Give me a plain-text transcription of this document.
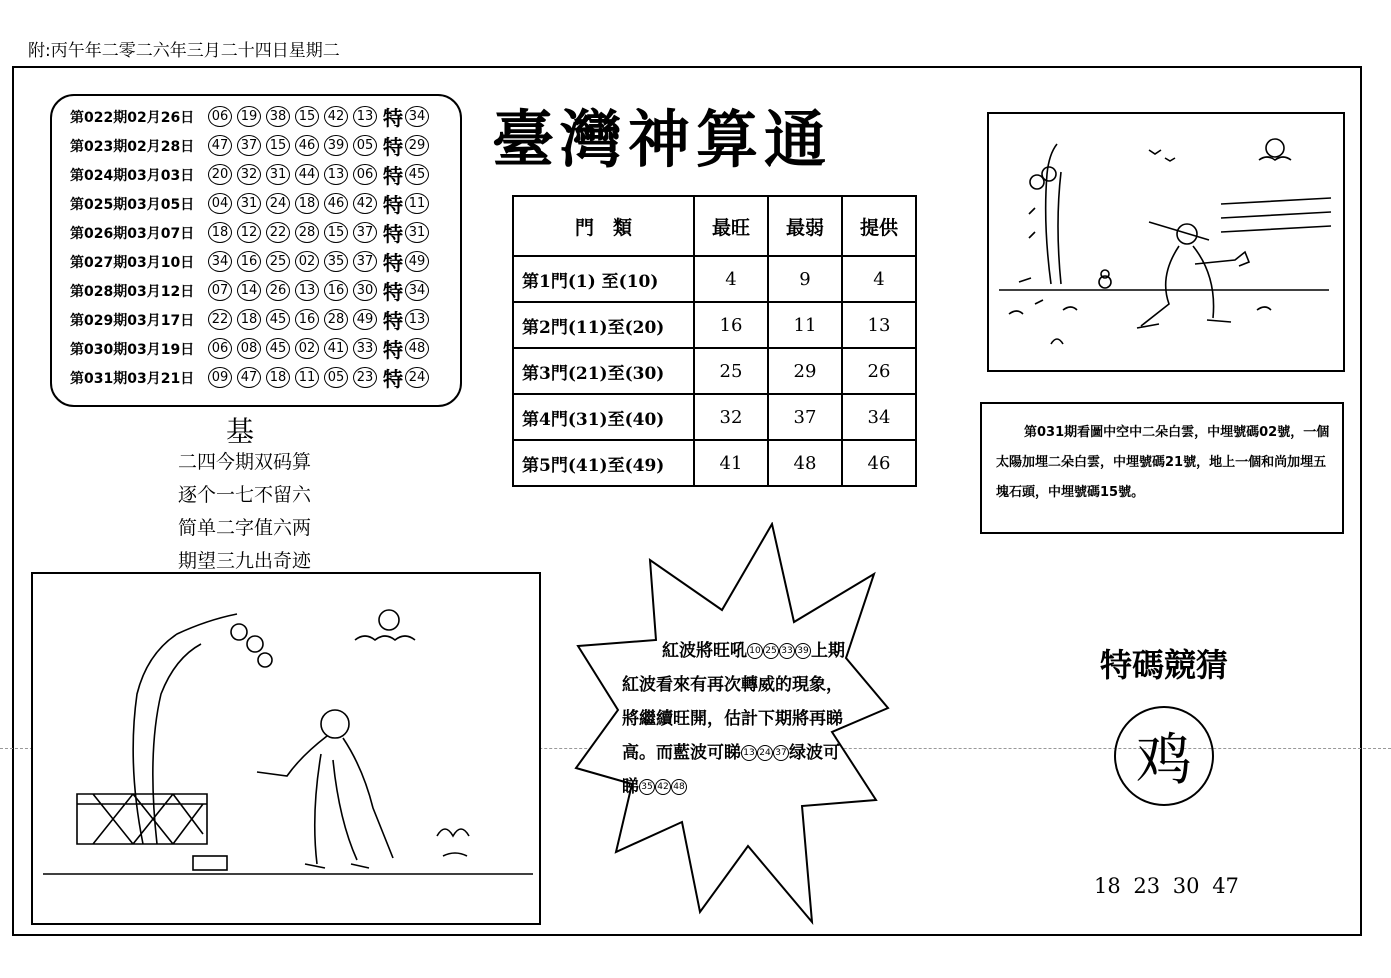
附:丙午年二零二六年三月二十四日星期二
第022期02月26日	06 19 38 15 42 13 特 34
第023期02月28日	47 37 15 46 39 05 特 29
第024期03月03日	20 32 31 44 13 06 特 45
第025期03月05日	04 31 24 18 46 42 特 11
第026期03月07日	18 12 22 28 15 37 特 31
第027期03月10日	34 16 25 02 35 37 特 49
第028期03月12日	07 14 26 13 16 30 特 34
第029期03月17日	22 18 45 16 28 49 特 13
第030期03月19日	06 08 45 02 41 33 特 48
第031期03月21日	09 47 18 11 05 23 特 24
基
二四今期双码算
逐个一七不留六
简单二字值六两
期望三九出奇迹
臺灣神算通
門　類	最旺	最弱	提供
第1門(1) 至(10)	4	9	4
第2門(11)至(20)	16	11	13
第3門(21)至(30)	25	29	26
第4門(31)至(40)	32	37	34
第5門(41)至(49)	41	48	46
第031期看圖中空中二朵白雲，中埋號碼02號，一個太陽加埋二朵白雲，中埋號碼21號，地上一個和尚加埋五塊石頭，中埋號碼15號。
紅波將旺吼 10 25 33 39 上期
紅波看來有再次轉威的現象，
將繼續旺開，估計下期將再睇
高。而藍波可睇 13 24 37 绿波可
睇 35 42 48
特碼競猜
鸡
18 23 30 47
